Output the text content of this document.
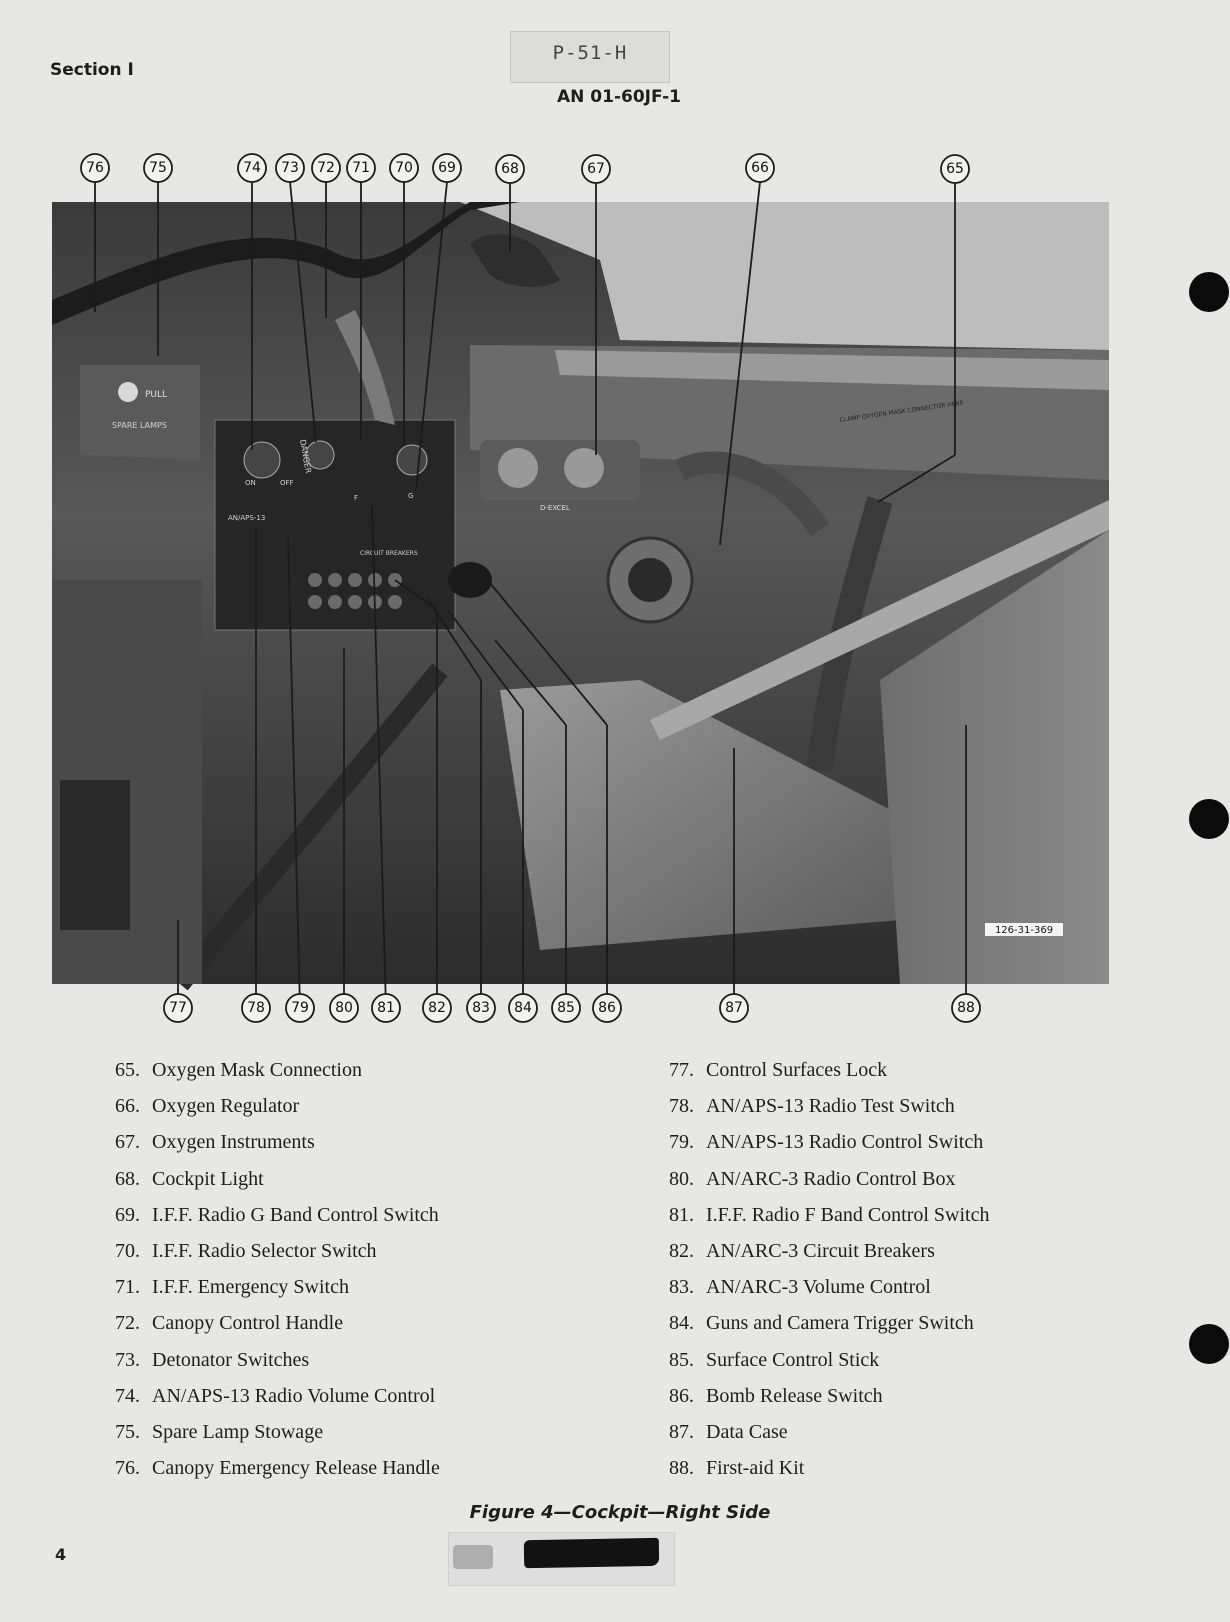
Section I
P-51-H
AN 01-60JF-1
PULL
SPARE LAMPS
DANGER
AN/APS-13
CIRCUIT BREAKERS
ON	OFF
F	G
D-EXCEL
CLAMP OXYGEN MASK CONNECTOR HERE
126-31-369
76	75	74 73 72 71 70 69	68	67	66	65
77	78 79 80 81 82 83 84 85 86	87	88
65. Oxygen Mask Connection
66. Oxygen Regulator
67. Oxygen Instruments
68. Cockpit Light
69. I.F.F. Radio G Band Control Switch
70. I.F.F. Radio Selector Switch
71. I.F.F. Emergency Switch
72. Canopy Control Handle
73. Detonator Switches
74. AN/APS-13 Radio Volume Control
75. Spare Lamp Stowage
76. Canopy Emergency Release Handle
77. Control Surfaces Lock
78. AN/APS-13 Radio Test Switch
79. AN/APS-13 Radio Control Switch
80. AN/ARC-3 Radio Control Box
81. I.F.F. Radio F Band Control Switch
82. AN/ARC-3 Circuit Breakers
83. AN/ARC-3 Volume Control
84. Guns and Camera Trigger Switch
85. Surface Control Stick
86. Bomb Release Switch
87. Data Case
88. First-aid Kit
Figure 4—Cockpit—Right Side
4
